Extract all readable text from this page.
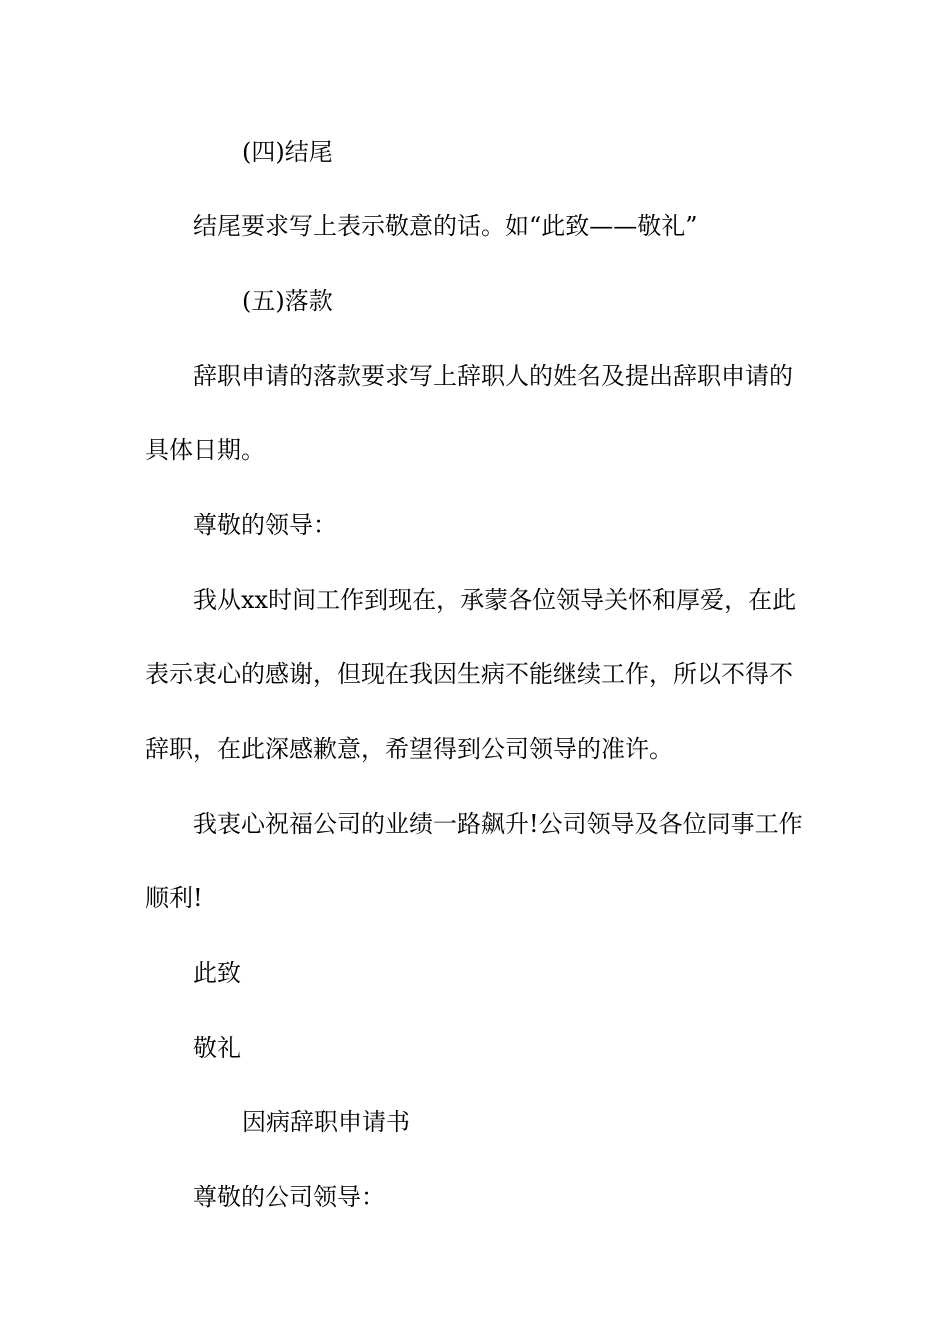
(四)结尾
结尾要求写上表示敬意的话。如“此致——敬礼”
(五)落款
辞职申请的落款要求写上辞职人的姓名及提出辞职申请的
具体日期。
尊敬的领导：
我从xx时间工作到现在，承蒙各位领导关怀和厚爱，在此
表示衷心的感谢，但现在我因生病不能继续工作，所以不得不
辞职，在此深感歉意，希望得到公司领导的准许。
我衷心祝福公司的业绩一路飙升!公司领导及各位同事工作
顺利!
此致
敬礼
因病辞职申请书
尊敬的公司领导：
